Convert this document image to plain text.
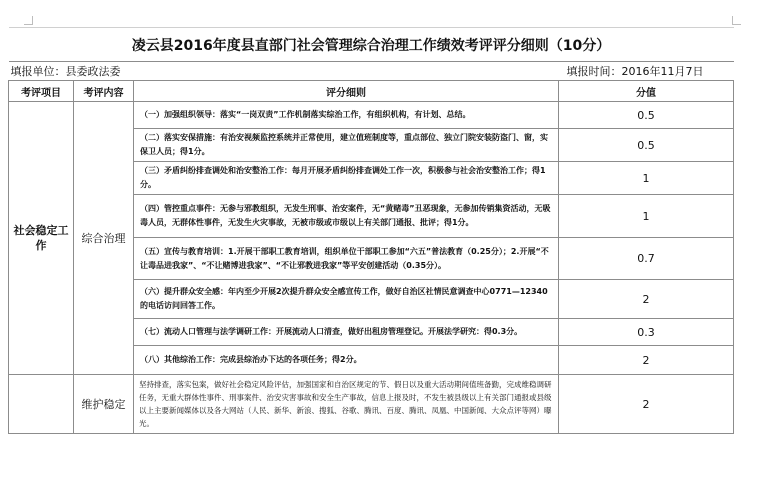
凌云县2016年度县直部门社会管理综合治理工作绩效考评评分细则（10分）			
填报单位：县委政法委			填报时间：2016年11月7日
考评项目	考评内容	评分细则	分值
社会稳定工作	综合治理	（一）加强组织领导：落实“一岗双责”工作机制落实综治工作，有组织机构，有计划、总结。	0.5
		（二）落实安保措施：有治安视频监控系统并正常使用，建立值班制度等，重点部位、独立门院安装防盗门、窗，实保卫人员；得1分。	0.5
		（三）矛盾纠纷排查调处和治安整治工作：每月开展矛盾纠纷排查调处工作一次，积极参与社会治安整治工作；得1分。	1
		（四）管控重点事件：无参与邪教组织，无发生刑事、治安案件，无“黄赌毒”丑恶现象，无参加传销集资活动，无吸毒人员，无群体性事件，无发生火灾事故，无被市级或市级以上有关部门通报、批评；得1分。	1
		（五）宣传与教育培训：1.开展干部职工教育培训，组织单位干部职工参加“六五”普法教育（0.25分）；2.开展“不让毒品进我家”、“不让赌博进我家”、“不让邪教进我家”等平安创建活动（0.35分）。	0.7
		（六）提升群众安全感：年内至少开展2次提升群众安全感宣传工作，做好自治区社情民意调查中心0771—12340的电话访问回答工作。	2
		（七）流动人口管理与法学调研工作：开展流动人口清查，做好出租房管理登记。开展法学研究：得0.3分。	0.3
		（八）其他综治工作：完成县综治办下达的各项任务；得2分。	2
	维护稳定	坚持排查，落实包案，做好社会稳定风险评估，加强国家和自治区规定的节、假日以及重大活动期间值班备勤，完成维稳调研任务，无重大群体性事件、刑事案件、治安灾害事故和安全生产事故，信息上报及时，不发生被县级以上有关部门通报或县级以上主要新闻媒体以及各大网站（人民、新华、新浪、搜狐、谷歌、腾讯、百度、腾讯、凤凰、中国新闻、大众点评等网）曝光。	2
